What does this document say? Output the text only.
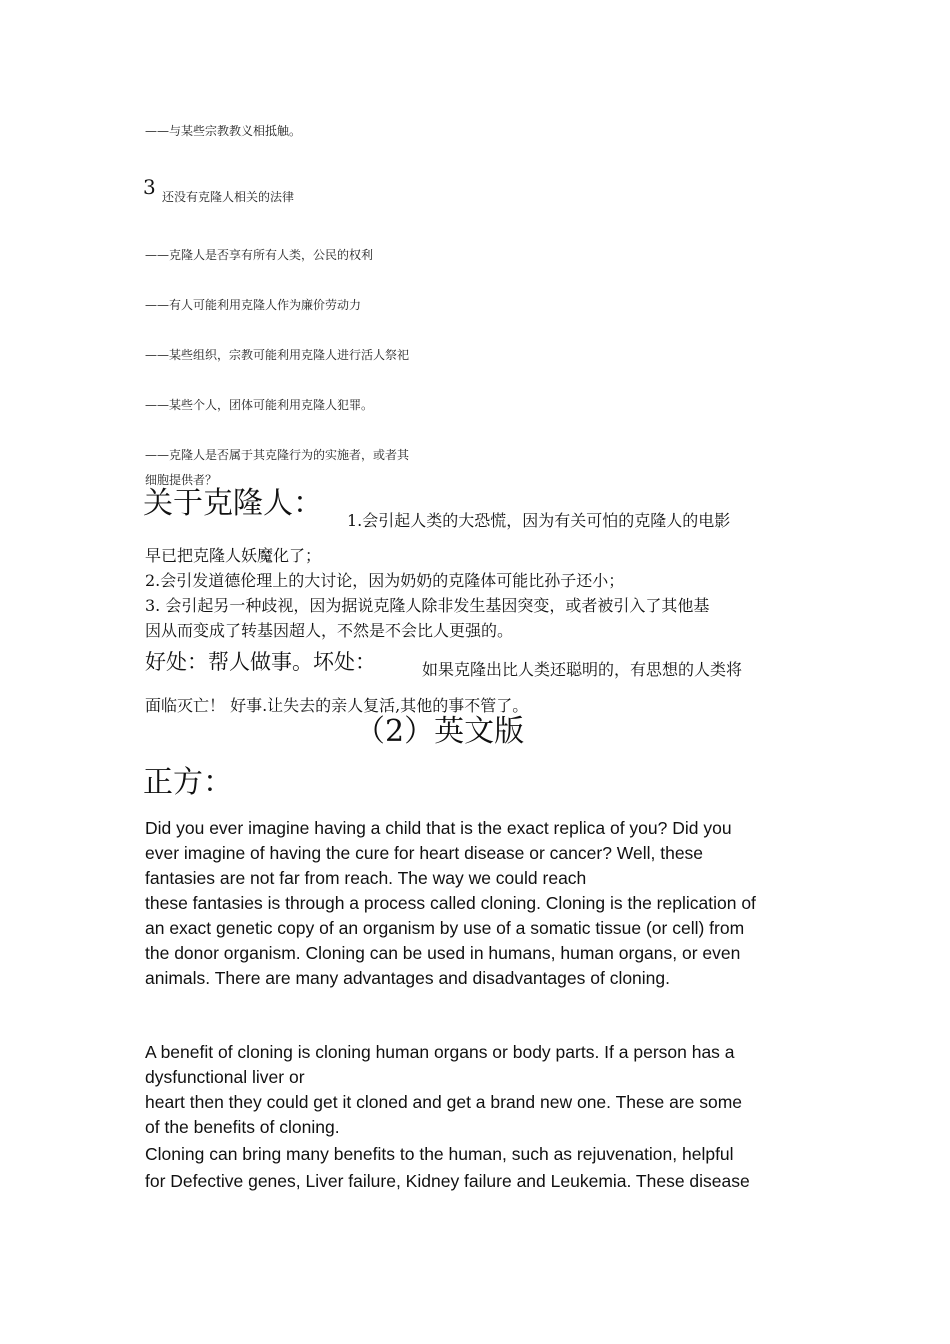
——与某些宗教教义相抵触。
3 还没有克隆人相关的法律
——克隆人是否享有所有人类，公民的权利
——有人可能利用克隆人作为廉价劳动力
——某些组织，宗教可能利用克隆人进行活人祭祀
——某些个人，团体可能利用克隆人犯罪。
——克隆人是否属于其克隆行为的实施者，或者其
细胞提供者？
关于克隆人： 1.会引起人类的大恐慌，因为有关可怕的克隆人的电影
早已把克隆人妖魔化了；
2.会引发道德伦理上的大讨论，因为奶奶的克隆体可能比孙子还小；
3. 会引起另一种歧视，因为据说克隆人除非发生基因突变，或者被引入了其他基
因从而变成了转基因超人，不然是不会比人更强的。
好处：帮人做事。坏处：	如果克隆出比人类还聪明的，有思想的人类将
面临灭亡！ 好事.让失去的亲人复活,其他的事不管了。
（2）英文版
正方：
Did you ever imagine having a child that is the exact replica of you? Did you
ever imagine of having the cure for heart disease or cancer? Well, these
fantasies are not far from reach. The way we could reach
these fantasies is through a process called cloning. Cloning is the replication of
an exact genetic copy of an organism by use of a somatic tissue (or cell) from
the donor organism. Cloning can be used in humans, human organs, or even
animals. There are many advantages and disadvantages of cloning.
A benefit of cloning is cloning human organs or body parts. If a person has a
dysfunctional liver or
heart then they could get it cloned and get a brand new one. These are some
of the benefits of cloning.
Cloning can bring many benefits to the human, such as rejuvenation, helpful
for Defective genes, Liver failure, Kidney failure and Leukemia. These disease
